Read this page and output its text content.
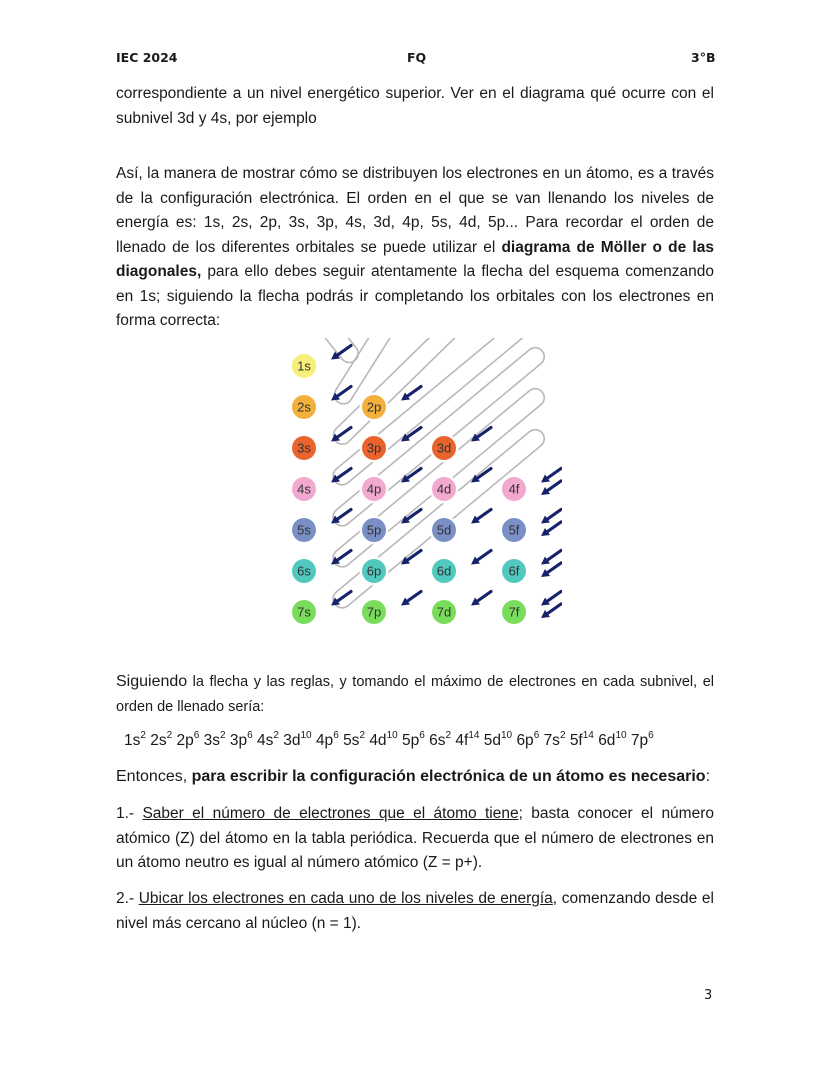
IEC 2024	FQ	3°B

correspondiente a un nivel energético superior. Ver en el diagrama qué ocurre con el subnivel 3d y 4s, por ejemplo

Así, la manera de mostrar cómo se distribuyen los electrones en un átomo, es a través de la configuración electrónica. El orden en el que se van llenando los niveles de energía es: 1s, 2s, 2p, 3s, 3p, 4s, 3d, 4p, 5s, 4d, 5p... Para recordar el orden de llenado de los diferentes orbitales se puede utilizar el diagrama de Möller o de las diagonales, para ello debes seguir atentamente la flecha del esquema comenzando en 1s; siguiendo la flecha podrás ir completando los orbitales con los electrones en forma correcta:

1s
2s	2p
3s	3p	3d
4s	4p	4d	4f
5s	5p	5d	5f
6s	6p	6d	6f
7s	7p	7d	7f

Siguiendo la flecha y las reglas, y tomando el máximo de electrones en cada subnivel, el orden de llenado sería:

$1s^2$ $2s^2$ $2p^6$ $3s^2$ $3p^6$ $4s^2$ $3d^{10}$ $4p^6$ $5s^2$ $4d^{10}$ $5p^6$ $6s^2$ $4f^{14}$ $5d^{10}$ $6p^6$ $7s^2$ $5f^{14}$ $6d^{10}$ $7p^6$

Entonces, para escribir la configuración electrónica de un átomo es necesario:

1.- Saber el número de electrones que el átomo tiene; basta conocer el número atómico (Z) del átomo en la tabla periódica. Recuerda que el número de electrones en un átomo neutro es igual al número atómico (Z = p+).

2.- Ubicar los electrones en cada uno de los niveles de energía, comenzando desde el nivel más cercano al núcleo (n = 1).

3
